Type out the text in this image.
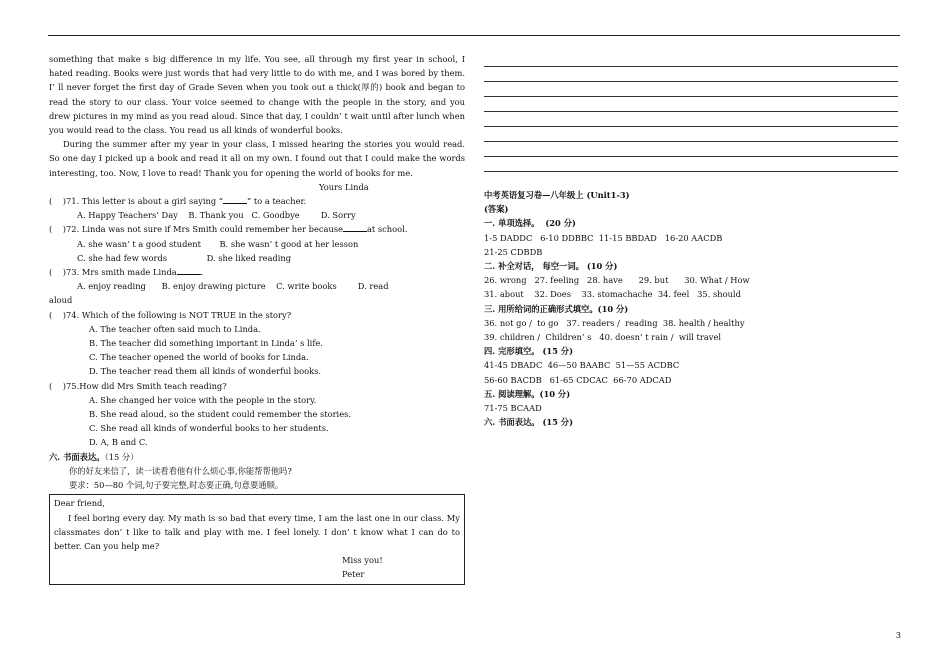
something that make s big difference in my life. You see, all through my first year in school, I hated reading. Books were just words that had very little to do with me, and I was bored by them. I’ ll never forget the first day of Grade Seven when you took out a thick(厚的) book and began to read the story to our class. Your voice seemed to change with the people in the story, and you drew pictures in my mind as you read aloud. Since that day, I couldn’ t wait until after lunch when you would read to the class. You read us all kinds of wonderful books.

During the summer after my year in your class, I missed hearing the stories you would read. So one day I picked up a book and read it all on my own. I found out that I could make the words interesting, too. Now, I love to read! Thank you for opening the world of books for me.

Yours Linda

(    )71. This letter is about a girl saying “	” to a teacher.

A. Happy Teachers’ Day    B. Thank you   C. Goodbye        D. Sorry

(    )72. Linda was not sure if Mrs Smith could remember her because	at school.

A. she wasn’ t a good student       B. she wasn’ t good at her lesson

C. she had few words               D. she liked reading

(    )73. Mrs smith made Linda	.

A. enjoy reading      B. enjoy drawing picture    C. write books        D. read

aloud

(    )74. Which of the following is NOT TRUE in the story?

A. The teacher often said much to Linda.

B. The teacher did something important in Linda’ s life.

C. The teacher opened the world of books for Linda.

D. The teacher read them all kinds of wonderful books.

(    )75.How did Mrs Smith teach reading?

A. She changed her voice with the people in the story.

B. She read aloud, so the student could remember the stories.

C. She read all kinds of wonderful books to her students.

D. A, B and C.

六. 书面表达。（15 分）

你的好友来信了，读一读看看他有什么烦心事,你能帮帮他吗?

要求：50—80 个词,句子要完整,时态要正确,句意要通顺。

Dear friend,

I feel boring every day. My math is so bad that every time, I am the last one in our class. My classmates don’ t like to talk and play with me. I feel lonely. I don’ t know what I can do to better. Can you help me?

Miss you!

Peter

中考英语复习卷—八年级上 (Unit1-3)

(答案)

一. 单项选择。  (20 分)

1-5 DADDC   6-10 DDBBC  11-15 BBDAD   16-20 AACDB

21-25 CDBDB

二. 补全对话， 每空一词。 (10 分)

26. wrong   27. feeling   28. have      29. but      30. What / How

31. about    32. Does    33. stomachache  34. feel   35. should

三. 用所给词的正确形式填空。(10 分)

36. not go /  to go   37. readers /  reading  38. health / healthy

39. children /  Children’ s   40. doesn’ t rain /  will travel

四. 完形填空。 (15 分)

41-45 DBADC  46—50 BAABC  51—55 ACDBC

56-60 BACDB   61-65 CDCAC  66-70 ADCAD

五. 阅读理解。(10 分)

71-75 BCAAD

六. 书面表达。 (15 分)

3
